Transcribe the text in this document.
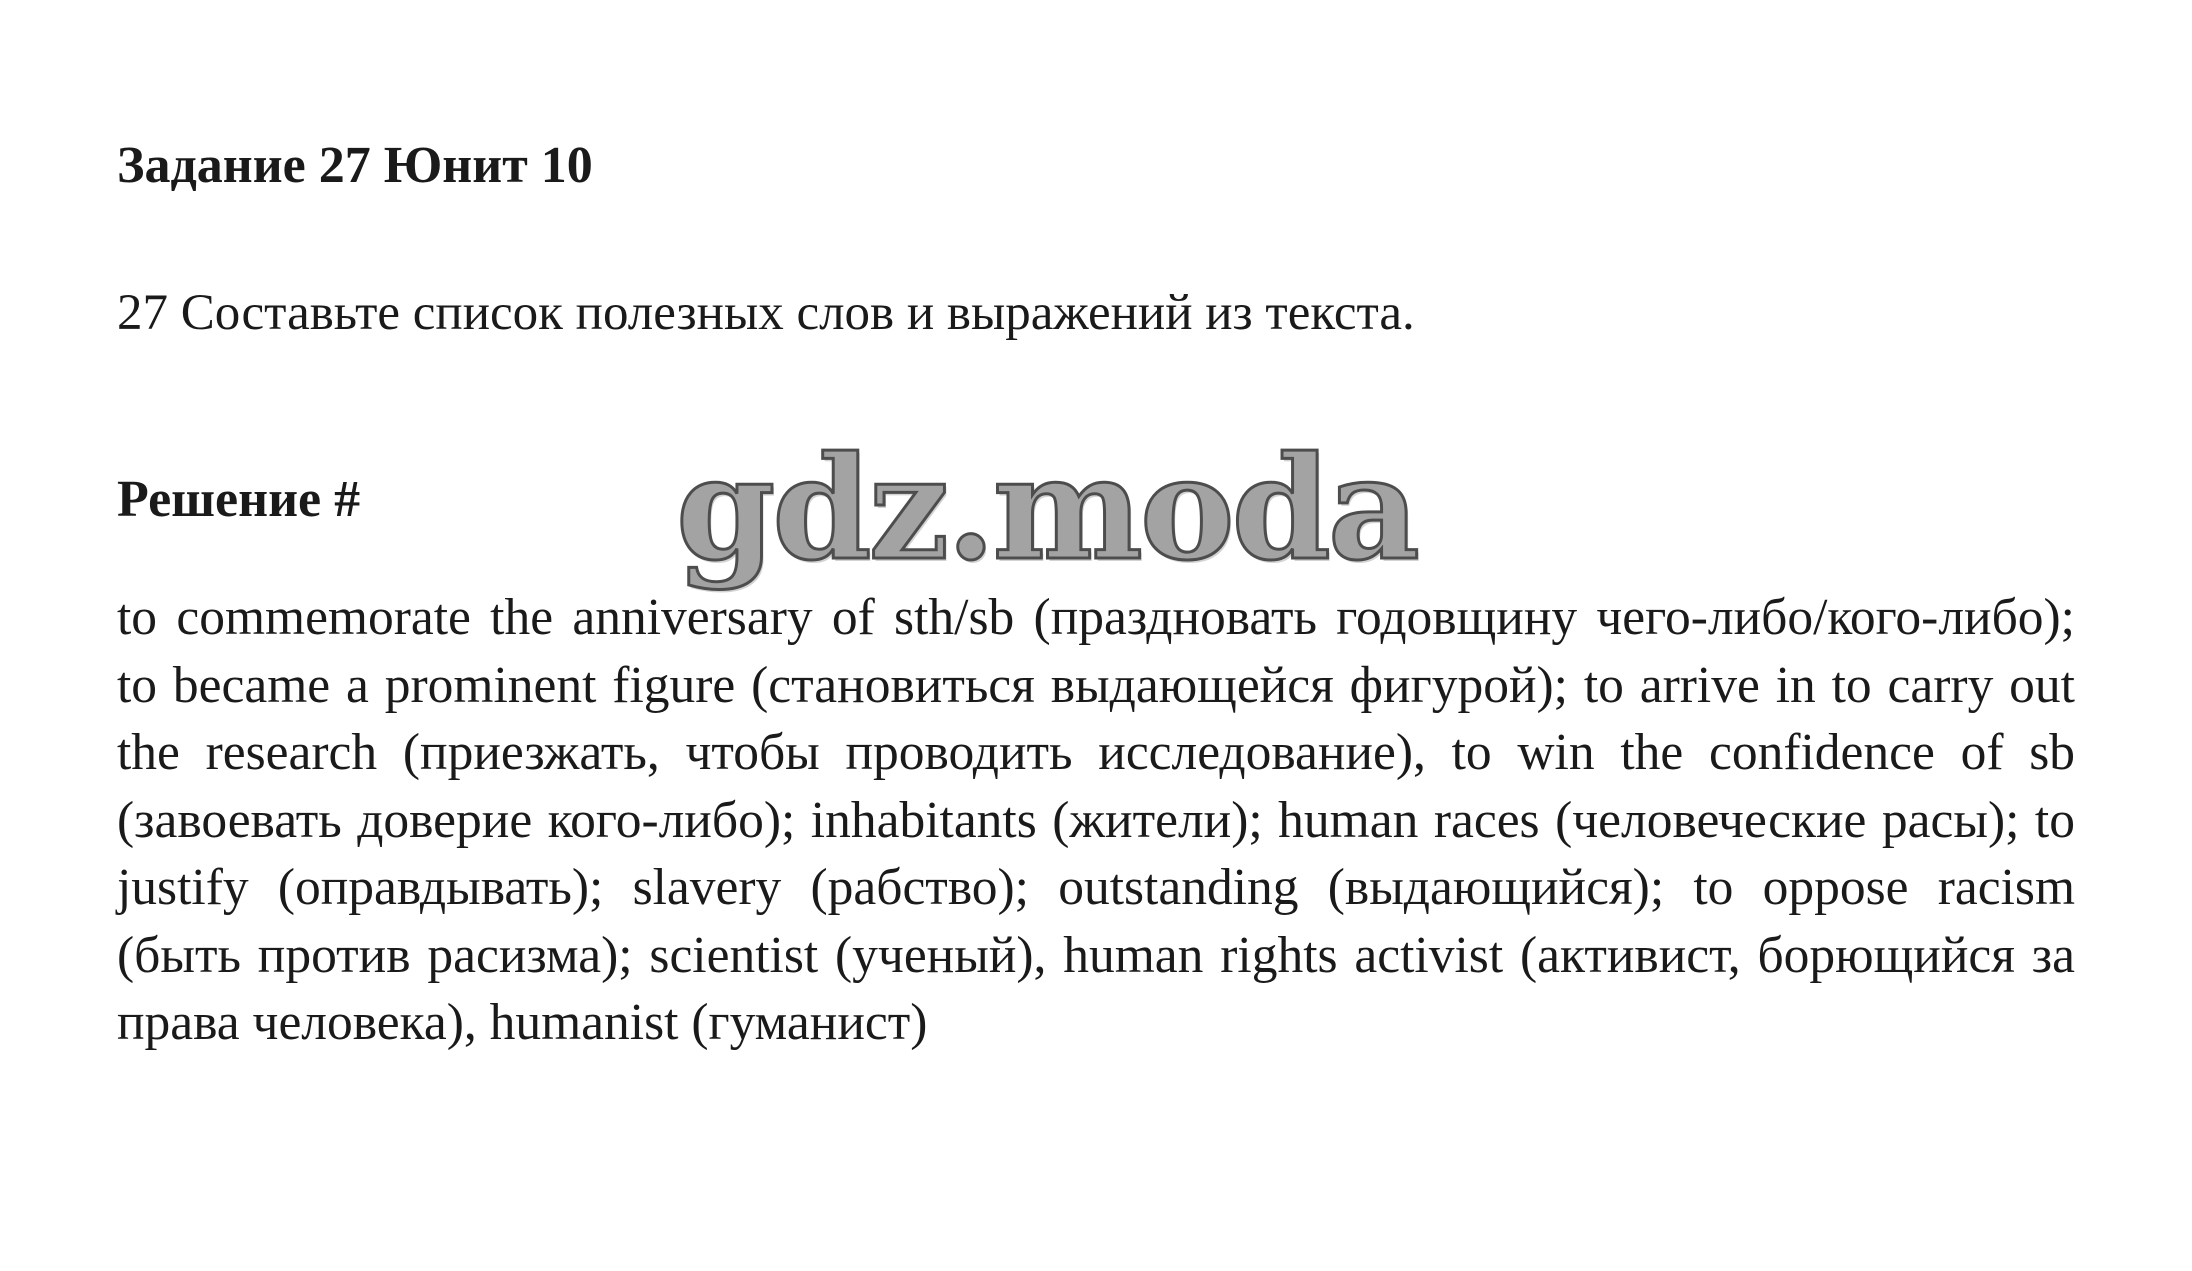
Задание 27 Юнит 10
27 Составьте список полезных слов и выражений из текста.
Решение #
to commemorate the anniversary of sth/sb (праздновать годовщину чего-либо/кого-либо); to became a prominent figure (становиться выдающейся фигурой); to arrive in to carry out the research (приезжать, чтобы проводить исследование), to win the confidence of sb (завоевать доверие кого-либо); inhabitants (жители); human races (человеческие расы); to justify (оправдывать); slavery (рабство); outstanding (выдающийся); to oppose racism (быть против расизма); scientist (ученый), human rights activist (активист, борющийся за права человека), humanist (гуманист)
gdz.moda
